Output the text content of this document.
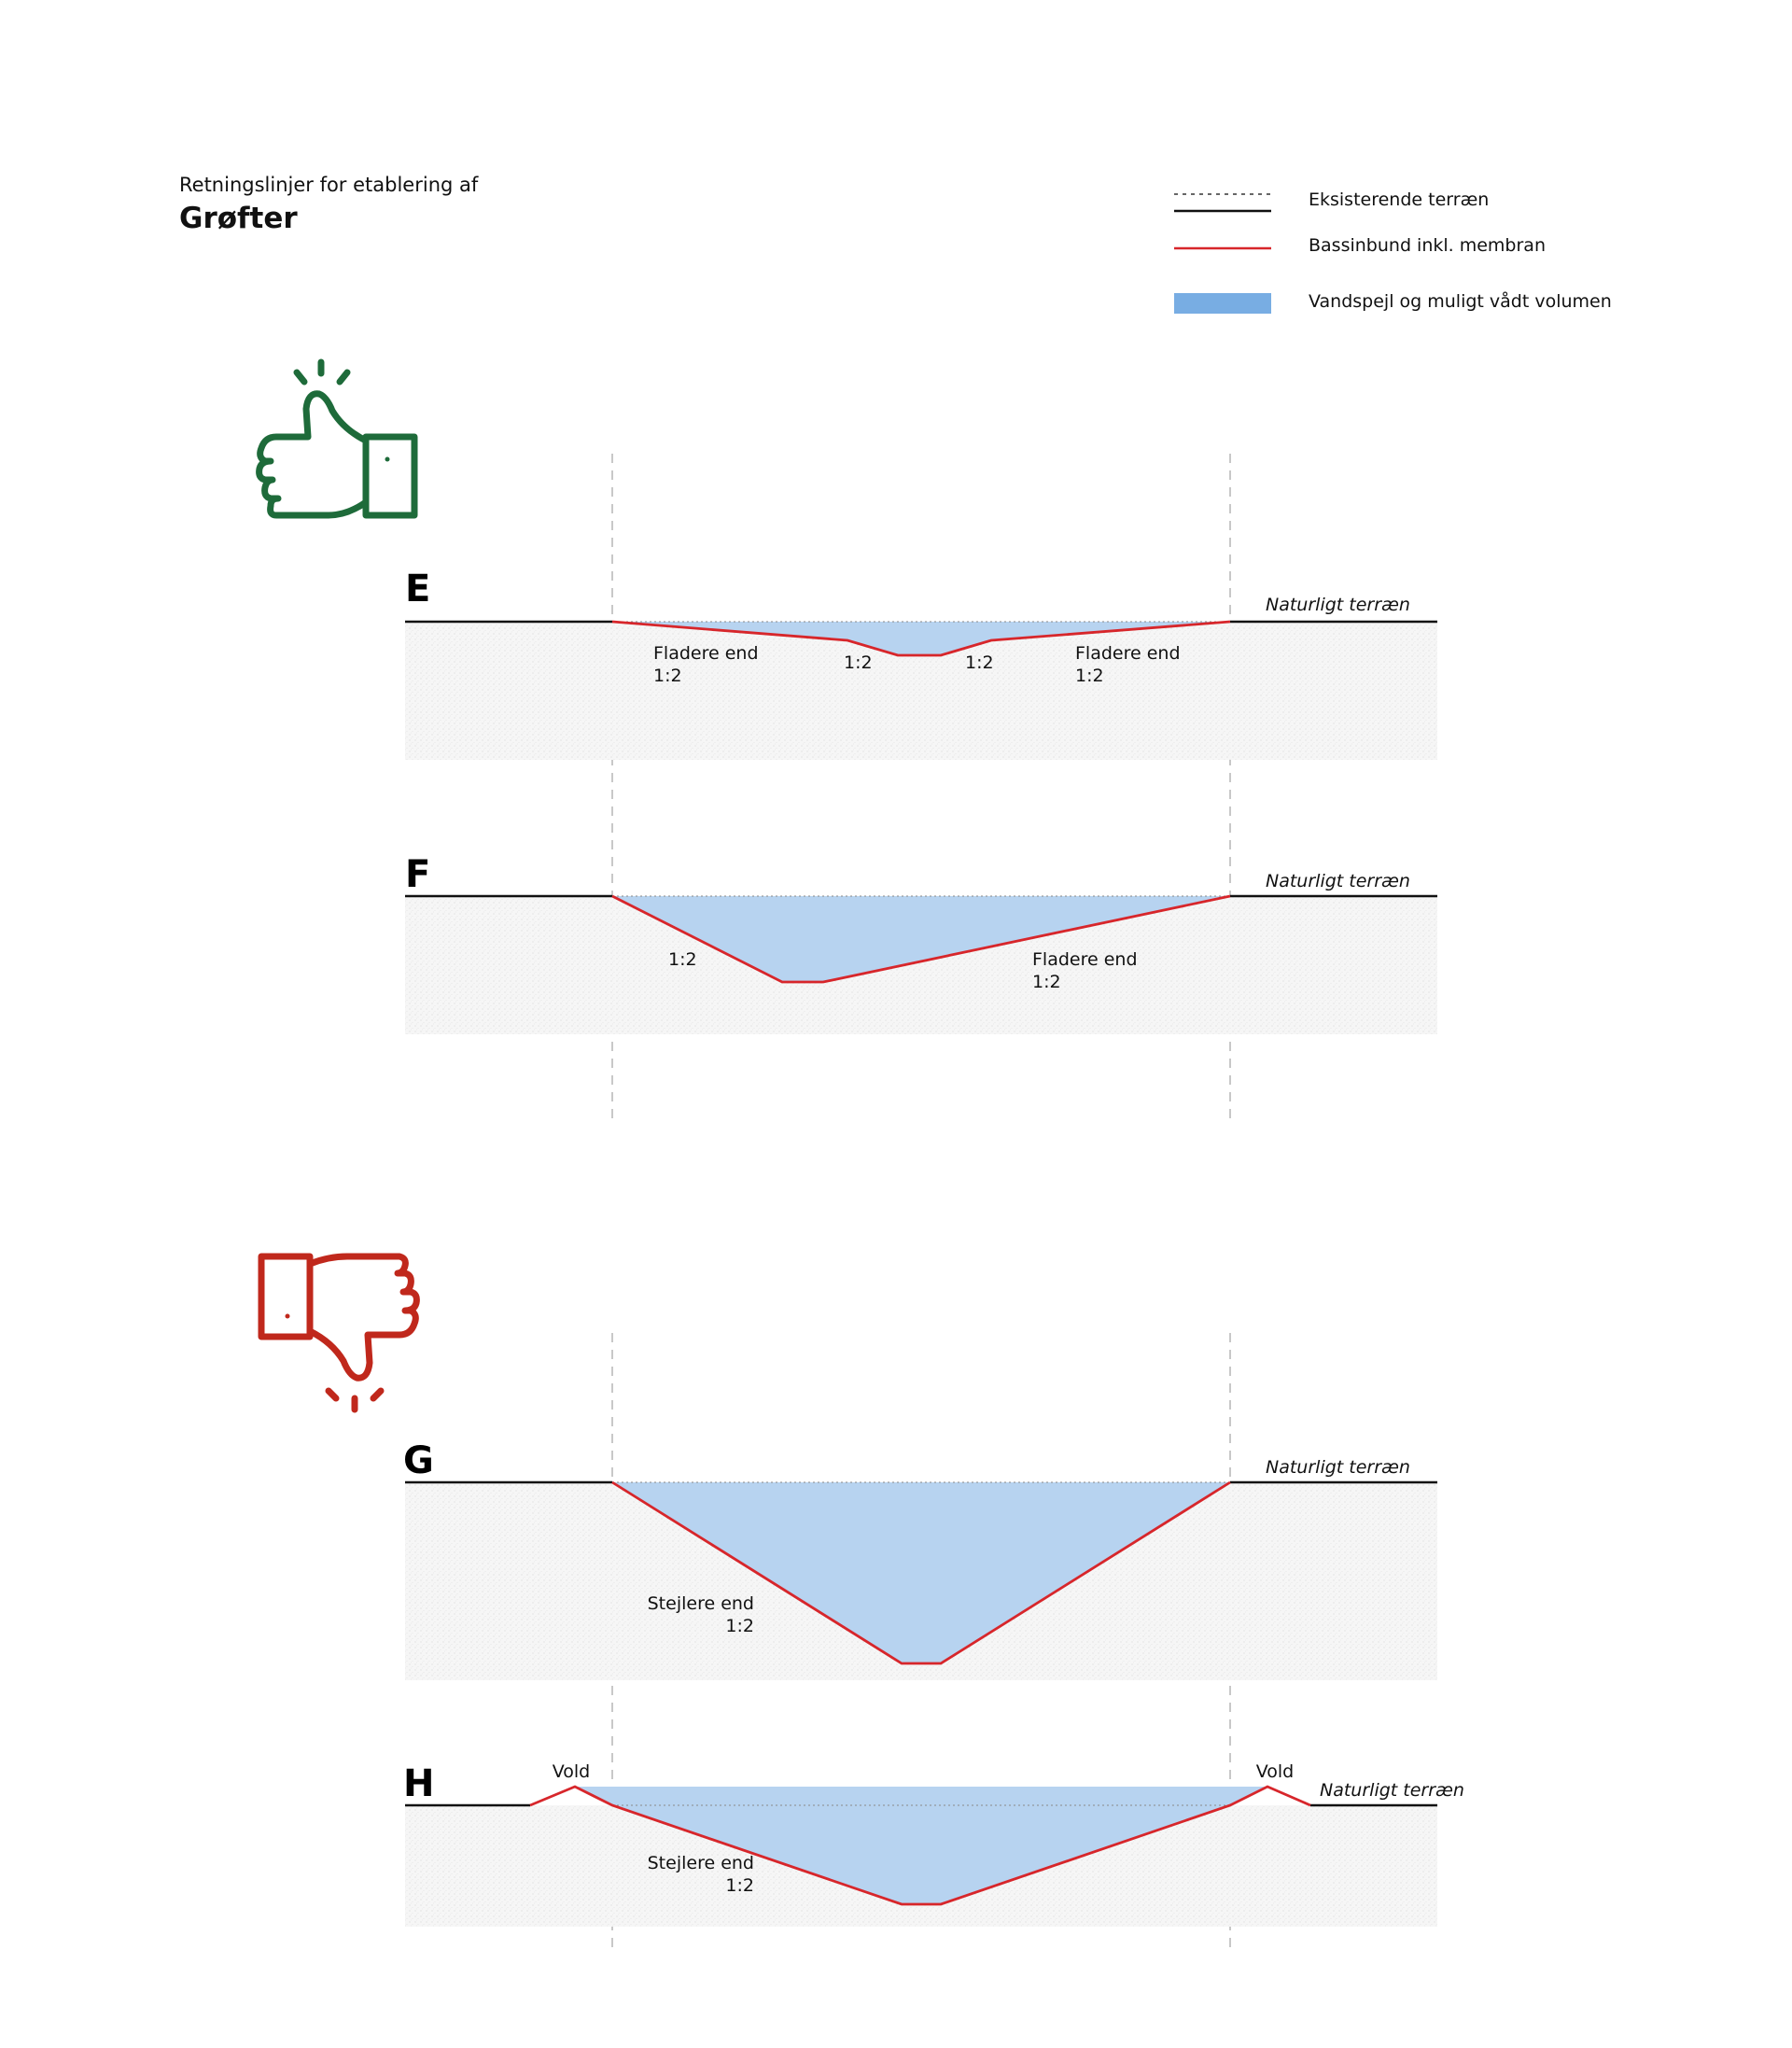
Retningslinjer for etablering af
Grøfter
Eksisterende terræn
Bassinbund inkl. membran
Vandspejl og muligt vådt volumen
E	Naturligt terræn
Fladere end
1:2
1:2	1:2	Fladere end
1:2
F	Naturligt terræn
1:2	Fladere end
1:2
G	Naturligt terræn
Stejlere end
1:2
H	Vold	Vold
Naturligt terræn
Stejlere end
1:2
